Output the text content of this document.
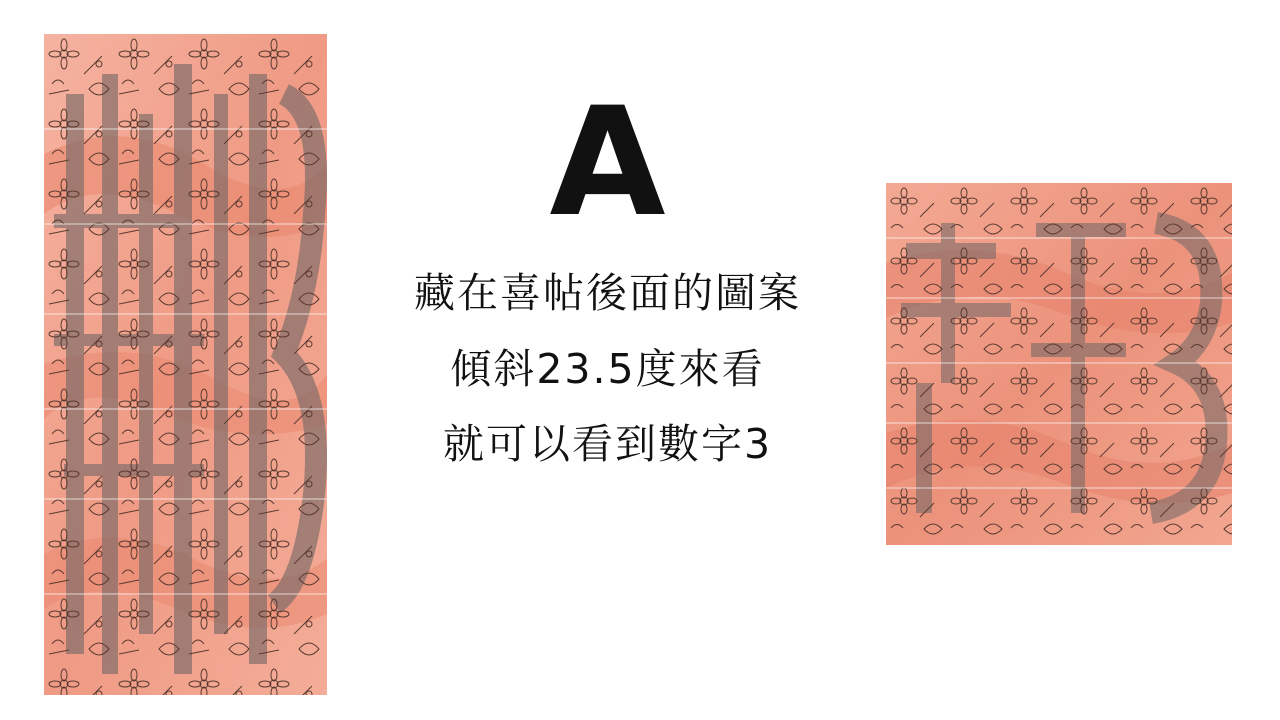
A
藏在喜帖後面的圖案
傾斜23.5度來看
就可以看到數字3
